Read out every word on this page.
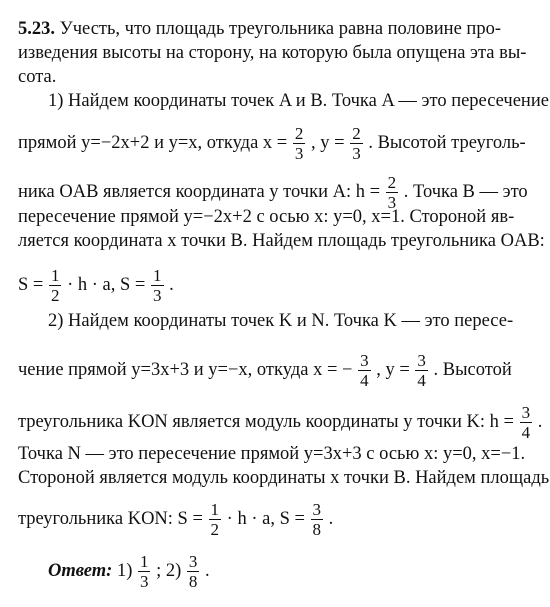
5.23. Учесть, что площадь треугольника равна половине про-
изведения высоты на сторону, на которую была опущена эта вы-
сота.
1) Найдем координаты точек A и B. Точка A — это пересечение
прямой y=−2x+2 и y=x, откуда $x = \frac{2}{3}$ , $y = \frac{2}{3}$ . Высотой треуголь-
ника OAB является координата y точки A: $h = \frac{2}{3}$ . Точка B — это
пересечение прямой y=−2x+2 с осью x: y=0, x=1. Стороной яв-
ляется координата x точки B. Найдем площадь треугольника OAB:
$S = \frac{1}{2} \cdot h \cdot a$, $S = \frac{1}{3}$ .
2) Найдем координаты точек K и N. Точка K — это пересе-
чение прямой y=3x+3 и y=−x, откуда x = − $\frac{3}{4}$ , $y = \frac{3}{4}$ . Высотой
треугольника KON является модуль координаты y точки K: $h = \frac{3}{4}$ .
Точка N — это пересечение прямой y=3x+3 с осью x: y=0, x=−1.
Стороной является модуль координаты x точки B. Найдем площадь
треугольника KON: $S = \frac{1}{2} \cdot h \cdot a$, $S = \frac{3}{8}$ .
Ответ: $1) \frac{1}{3}$ ; $2) \frac{3}{8}$ .
